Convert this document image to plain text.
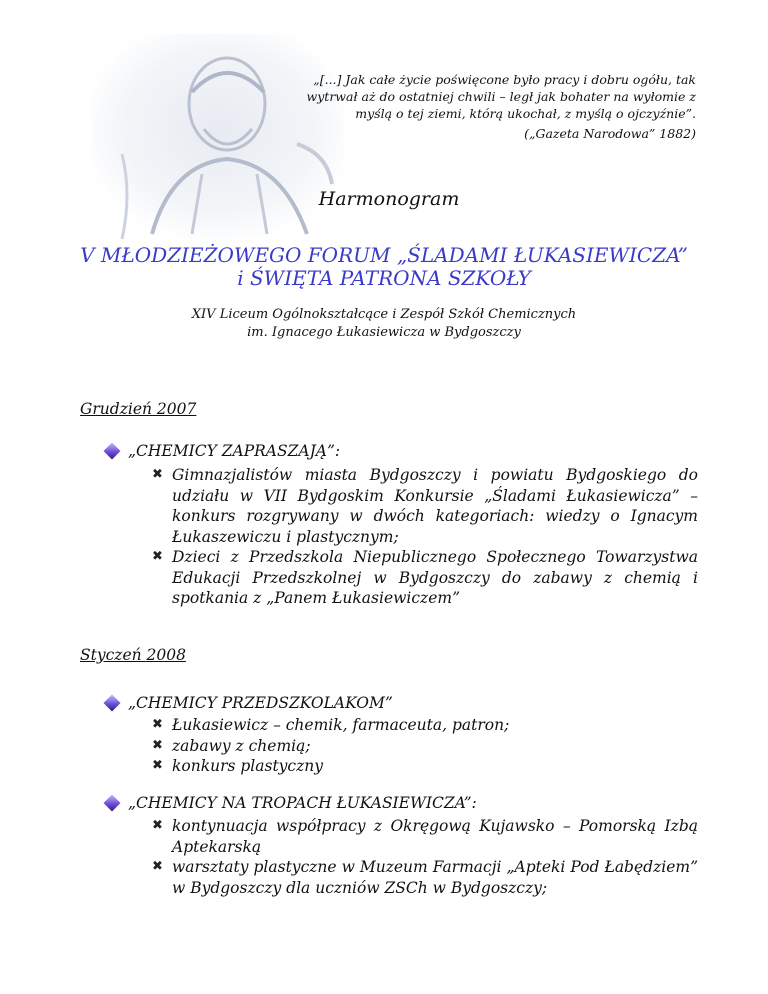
„[...] Jak całe życie poświęcone było pracy i dobru ogółu, tak
wytrwał aż do ostatniej chwili – legł jak bohater na wyłomie z
myślą o tej ziemi, którą ukochał, z myślą o ojczyźnie”.
(„Gazeta Narodowa” 1882)
Harmonogram
V MŁODZIEŻOWEGO FORUM „ŚLADAMI ŁUKASIEWICZA”
i ŚWIĘTA PATRONA SZKOŁY
XIV Liceum Ogólnokształcące i Zespół Szkół Chemicznych
im. Ignacego Łukasiewicza w Bydgoszczy
Grudzień 2007
„CHEMICY ZAPRASZAJĄ”:
✖ Gimnazjalistów miasta Bydgoszczy i powiatu Bydgoskiego do udziału w VII Bydgoskim Konkursie „Śladami Łukasiewicza” – konkurs rozgrywany w dwóch kategoriach: wiedzy o Ignacym Łukaszewiczu i plastycznym;
✖ Dzieci z Przedszkola Niepublicznego Społecznego Towarzystwa Edukacji Przedszkolnej w Bydgoszczy do zabawy z chemią i spotkania z „Panem Łukasiewiczem”
Styczeń 2008
„CHEMICY PRZEDSZKOLAKOM”
✖ Łukasiewicz – chemik, farmaceuta, patron;
✖ zabawy z chemią;
✖ konkurs plastyczny
„CHEMICY NA TROPACH ŁUKASIEWICZA”:
✖ kontynuacja współpracy z Okręgową Kujawsko – Pomorską Izbą Aptekarską
✖ warsztaty plastyczne w Muzeum Farmacji „Apteki Pod Łabędziem” w Bydgoszczy dla uczniów ZSCh w Bydgoszczy;
